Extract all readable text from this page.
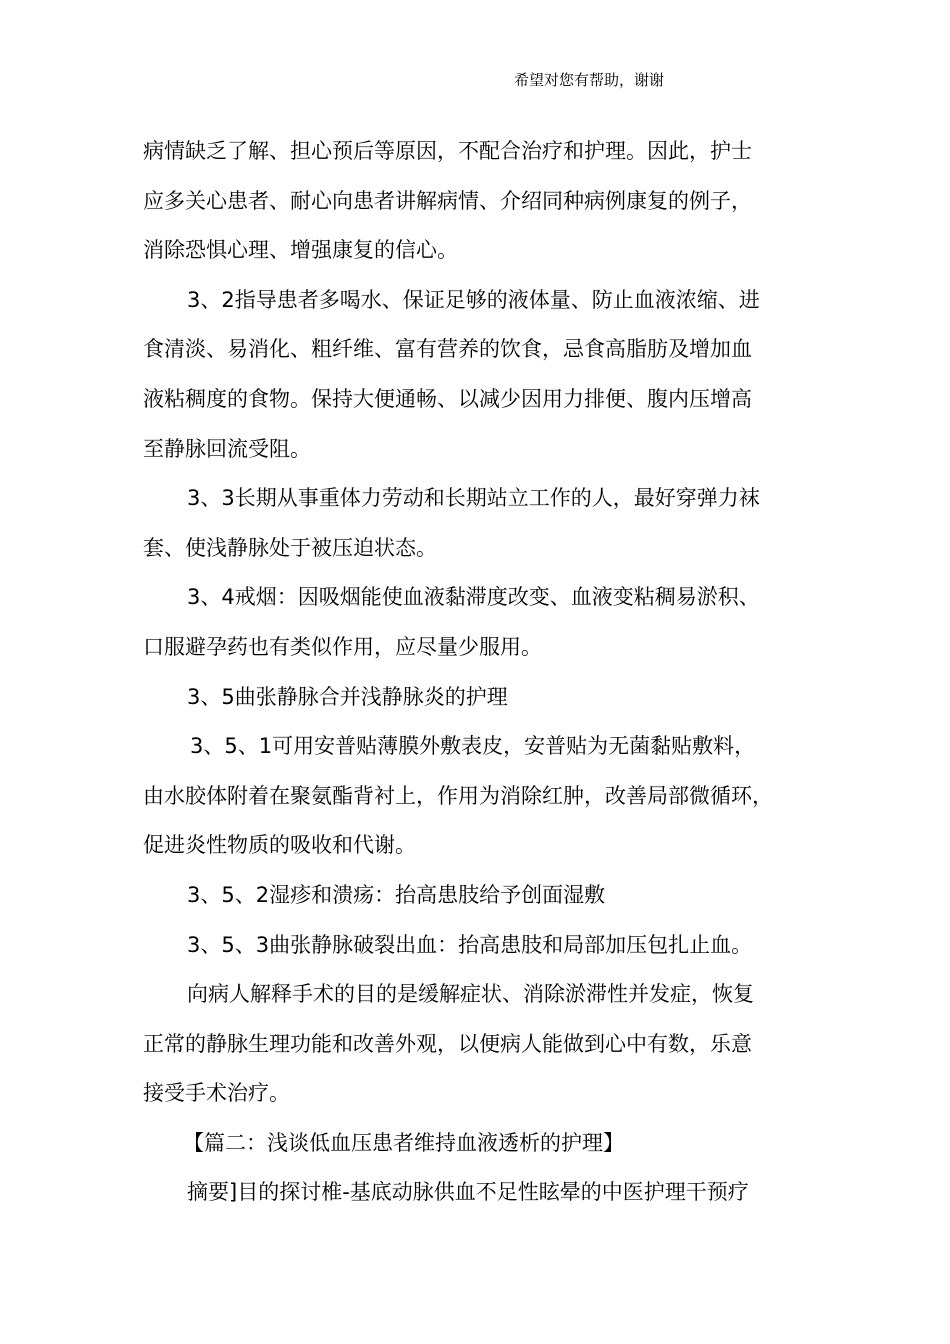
希望对您有帮助，谢谢
病情缺乏了解、担心预后等原因，不配合治疗和护理。因此，护士
应多关心患者、耐心向患者讲解病情、介绍同种病例康复的例子，
消除恐惧心理、增强康复的信心。
3、2指导患者多喝水、保证足够的液体量、防止血液浓缩、进
食清淡、易消化、粗纤维、富有营养的饮食，忌食高脂肪及增加血
液粘稠度的食物。保持大便通畅、以减少因用力排便、腹内压增高
至静脉回流受阻。
3、3长期从事重体力劳动和长期站立工作的人，最好穿弹力袜
套、使浅静脉处于被压迫状态。
3、4戒烟：因吸烟能使血液黏滞度改变、血液变粘稠易淤积、
口服避孕药也有类似作用，应尽量少服用。
3、5曲张静脉合并浅静脉炎的护理
3、5、1可用安普贴薄膜外敷表皮，安普贴为无菌黏贴敷料，
由水胶体附着在聚氨酯背衬上，作用为消除红肿，改善局部微循环，
促进炎性物质的吸收和代谢。
3、5、2湿疹和溃疡：抬高患肢给予创面湿敷
3、5、3曲张静脉破裂出血：抬高患肢和局部加压包扎止血。
向病人解释手术的目的是缓解症状、消除淤滞性并发症，恢复
正常的静脉生理功能和改善外观，以便病人能做到心中有数，乐意
接受手术治疗。
【篇二：浅谈低血压患者维持血液透析的护理】
摘要]目的探讨椎-基底动脉供血不足性眩晕的中医护理干预疗
